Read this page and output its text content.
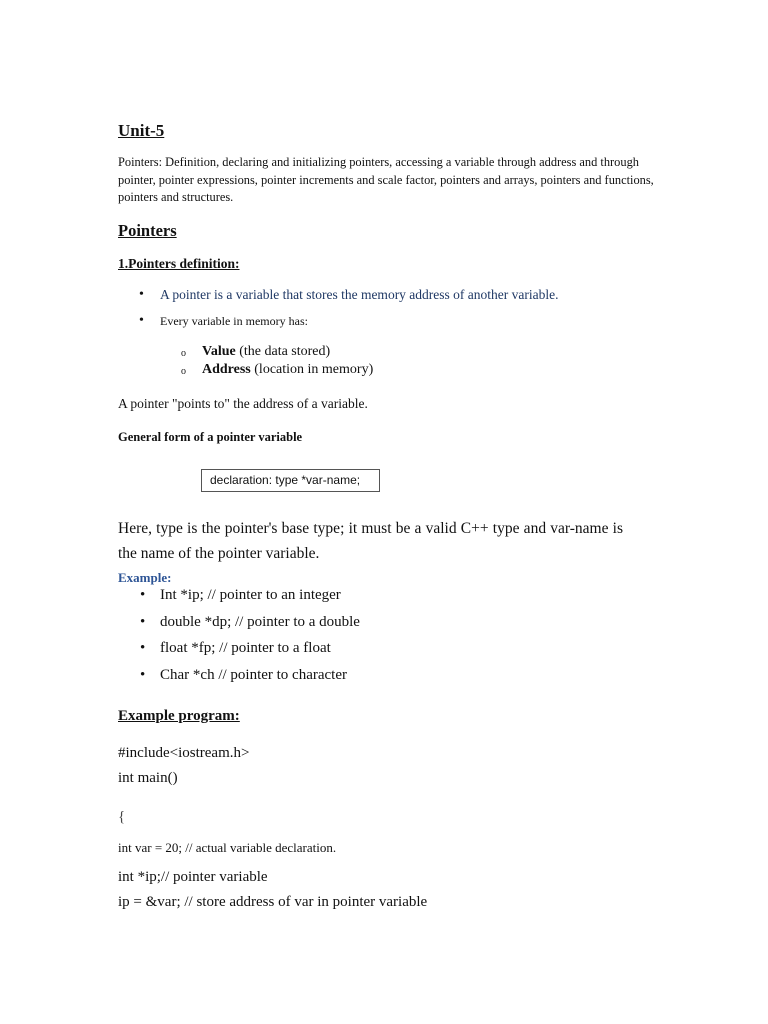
Unit-5
Pointers: Definition, declaring and initializing pointers, accessing a variable through address and through pointer, pointer expressions, pointer increments and scale factor, pointers and arrays, pointers and functions, pointers and structures.
Pointers
1.Pointers definition:
• A pointer is a variable that stores the memory address of another variable.
• Every variable in memory has:
o Value (the data stored)
o Address (location in memory)
A pointer "points to" the address of a variable.
General form of a pointer variable
declaration: type *var-name;
Here, type is the pointer's base type; it must be a valid C++ type and var-name is the name of the pointer variable.
Example:
• Int *ip; // pointer to an integer
• double *dp; // pointer to a double
• float *fp; // pointer to a float
• Char *ch // pointer to character
Example program:
#include<iostream.h>
int main()
{
int var = 20; // actual variable declaration.
int *ip;// pointer variable
ip = &var; // store address of var in pointer variable
